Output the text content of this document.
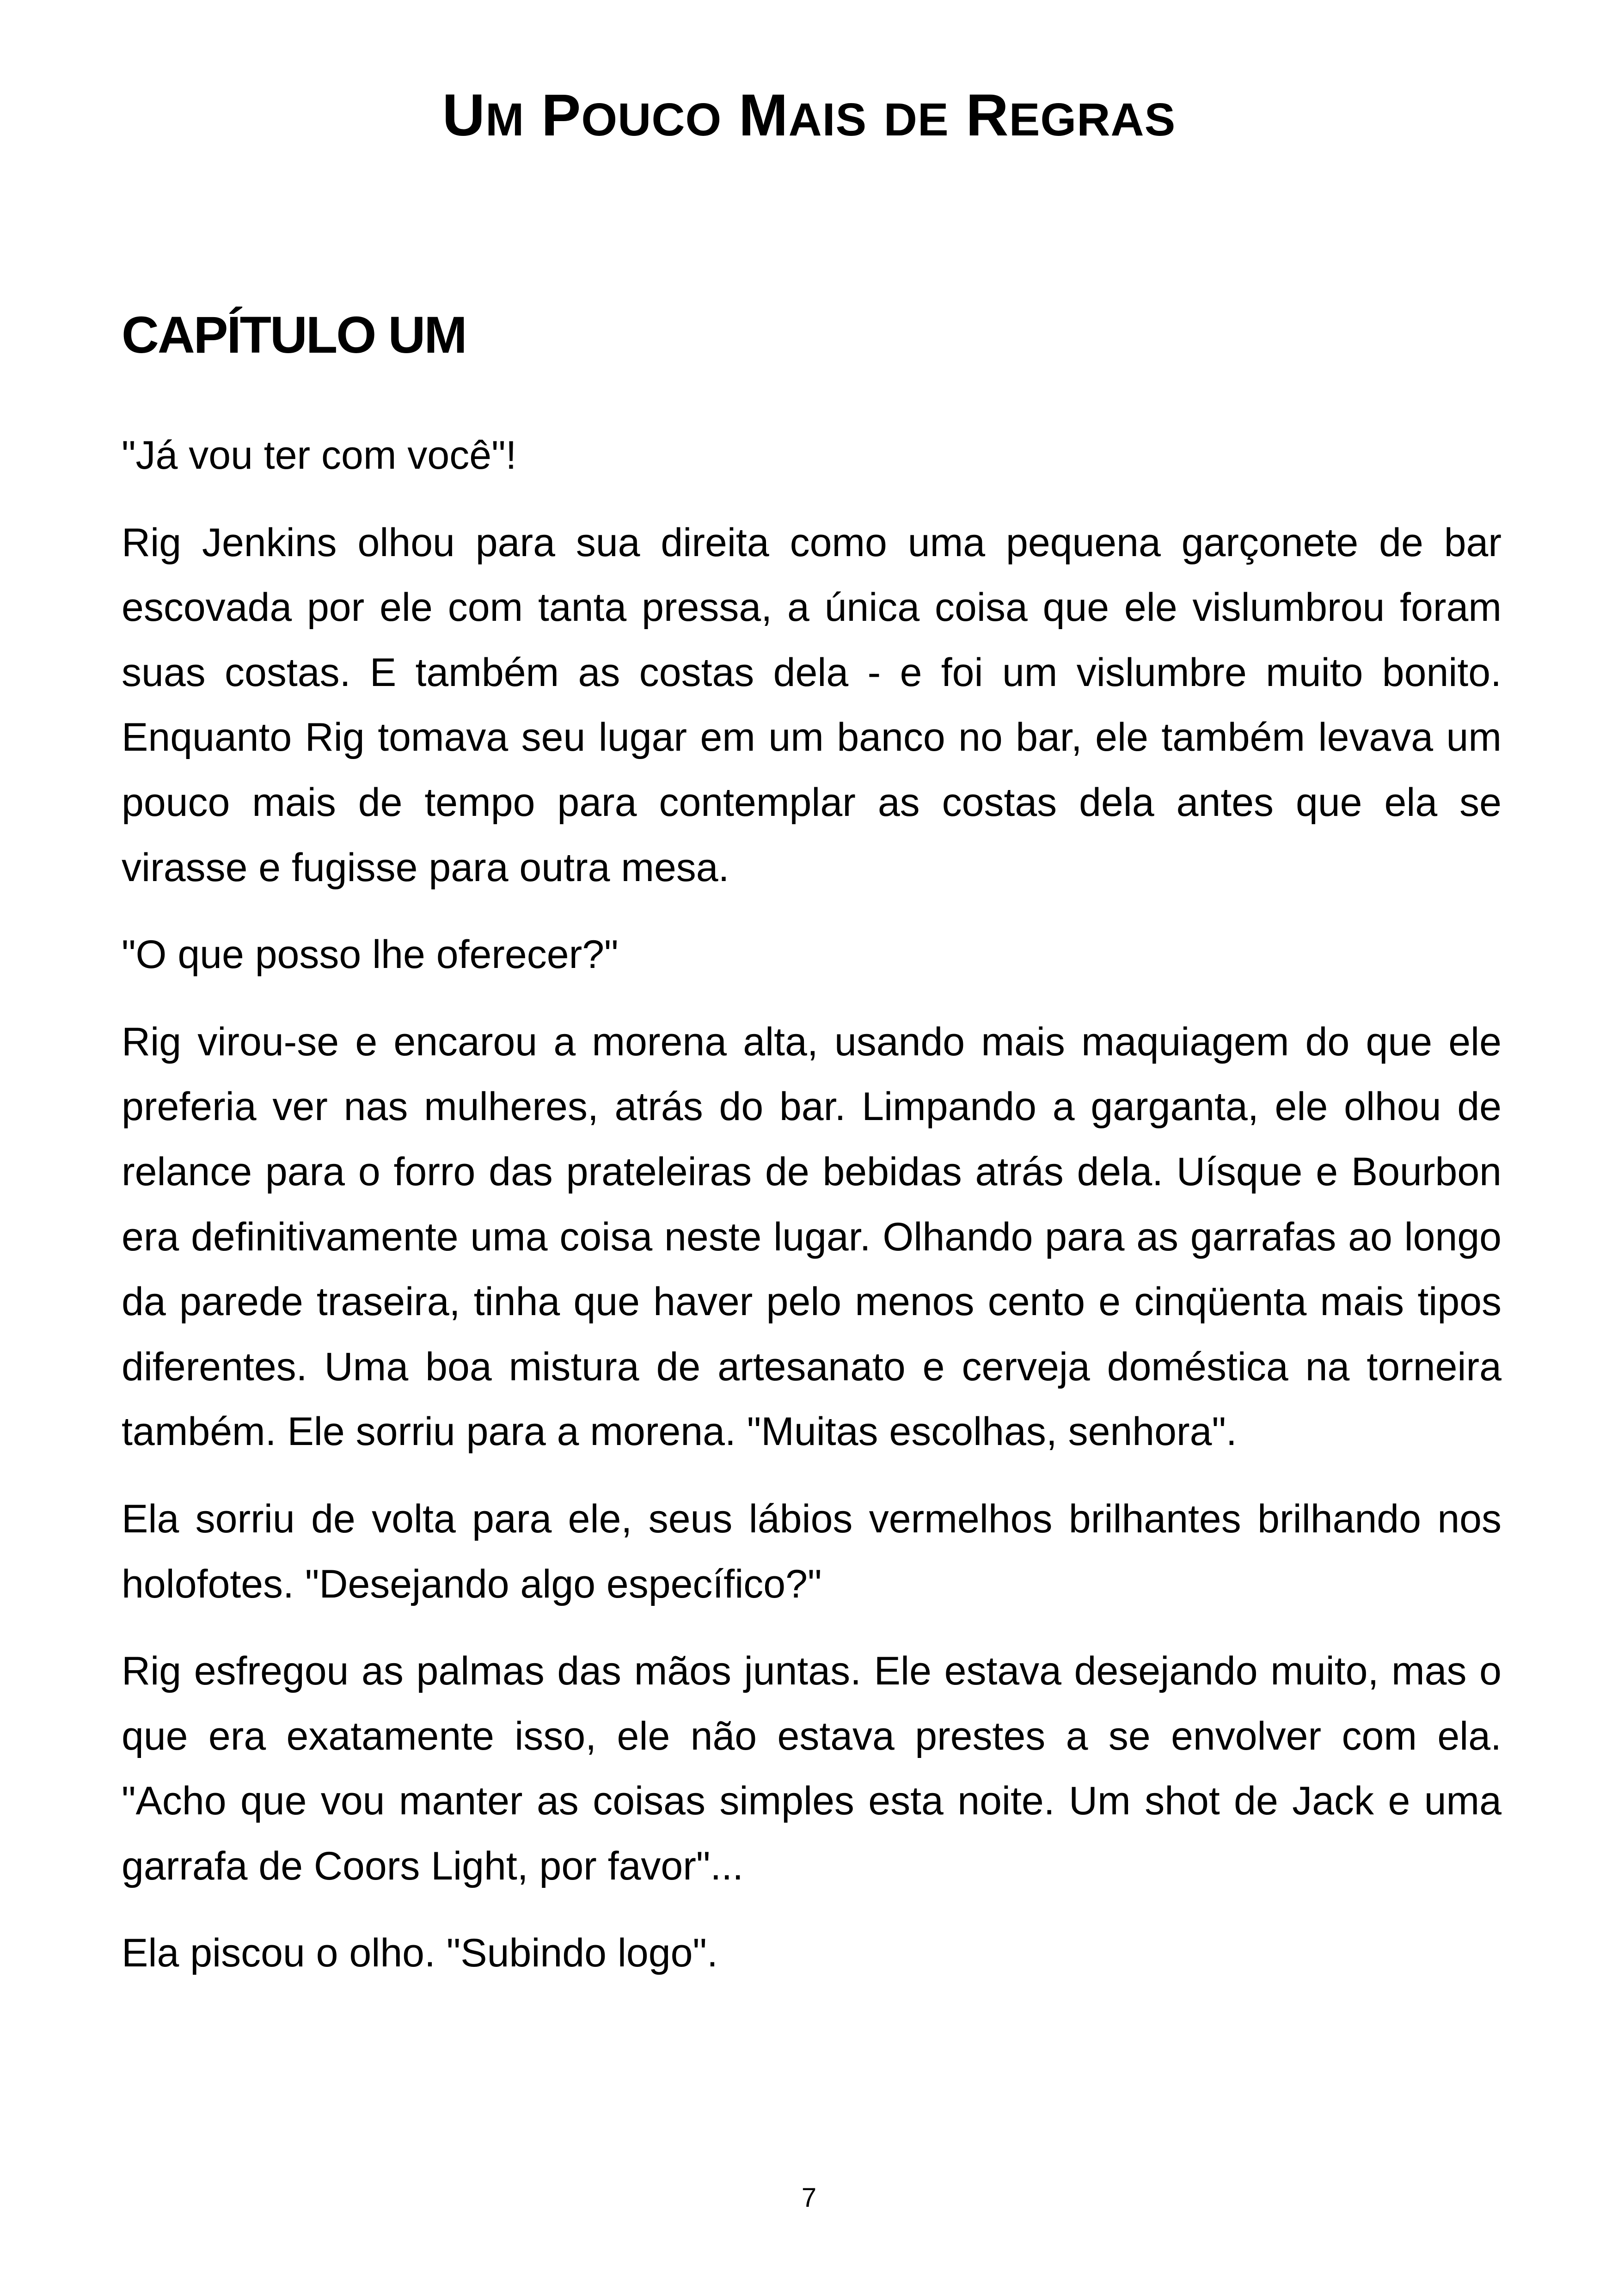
UM POUCO MAIS DE REGRAS
CAPÍTULO UM

"Já vou ter com você"!

Rig Jenkins olhou para sua direita como uma pequena garçonete de bar escovada por ele com tanta pressa, a única coisa que ele vislumbrou foram suas costas. E também as costas dela - e foi um vislumbre muito bonito. Enquanto Rig tomava seu lugar em um banco no bar, ele também levava um pouco mais de tempo para contemplar as costas dela antes que ela se virasse e fugisse para outra mesa.

"O que posso lhe oferecer?"

Rig virou-se e encarou a morena alta, usando mais maquiagem do que ele preferia ver nas mulheres, atrás do bar. Limpando a garganta, ele olhou de relance para o forro das prateleiras de bebidas atrás dela. Uísque e Bourbon era definitivamente uma coisa neste lugar. Olhando para as garrafas ao longo da parede traseira, tinha que haver pelo menos cento e cinqüenta mais tipos diferentes. Uma boa mistura de artesanato e cerveja doméstica na torneira também. Ele sorriu para a morena. "Muitas escolhas, senhora".

Ela sorriu de volta para ele, seus lábios vermelhos brilhantes brilhando nos holofotes. "Desejando algo específico?"

Rig esfregou as palmas das mãos juntas. Ele estava desejando muito, mas o que era exatamente isso, ele não estava prestes a se envolver com ela. "Acho que vou manter as coisas simples esta noite. Um shot de Jack e uma garrafa de Coors Light, por favor"...

Ela piscou o olho. "Subindo logo".

7
